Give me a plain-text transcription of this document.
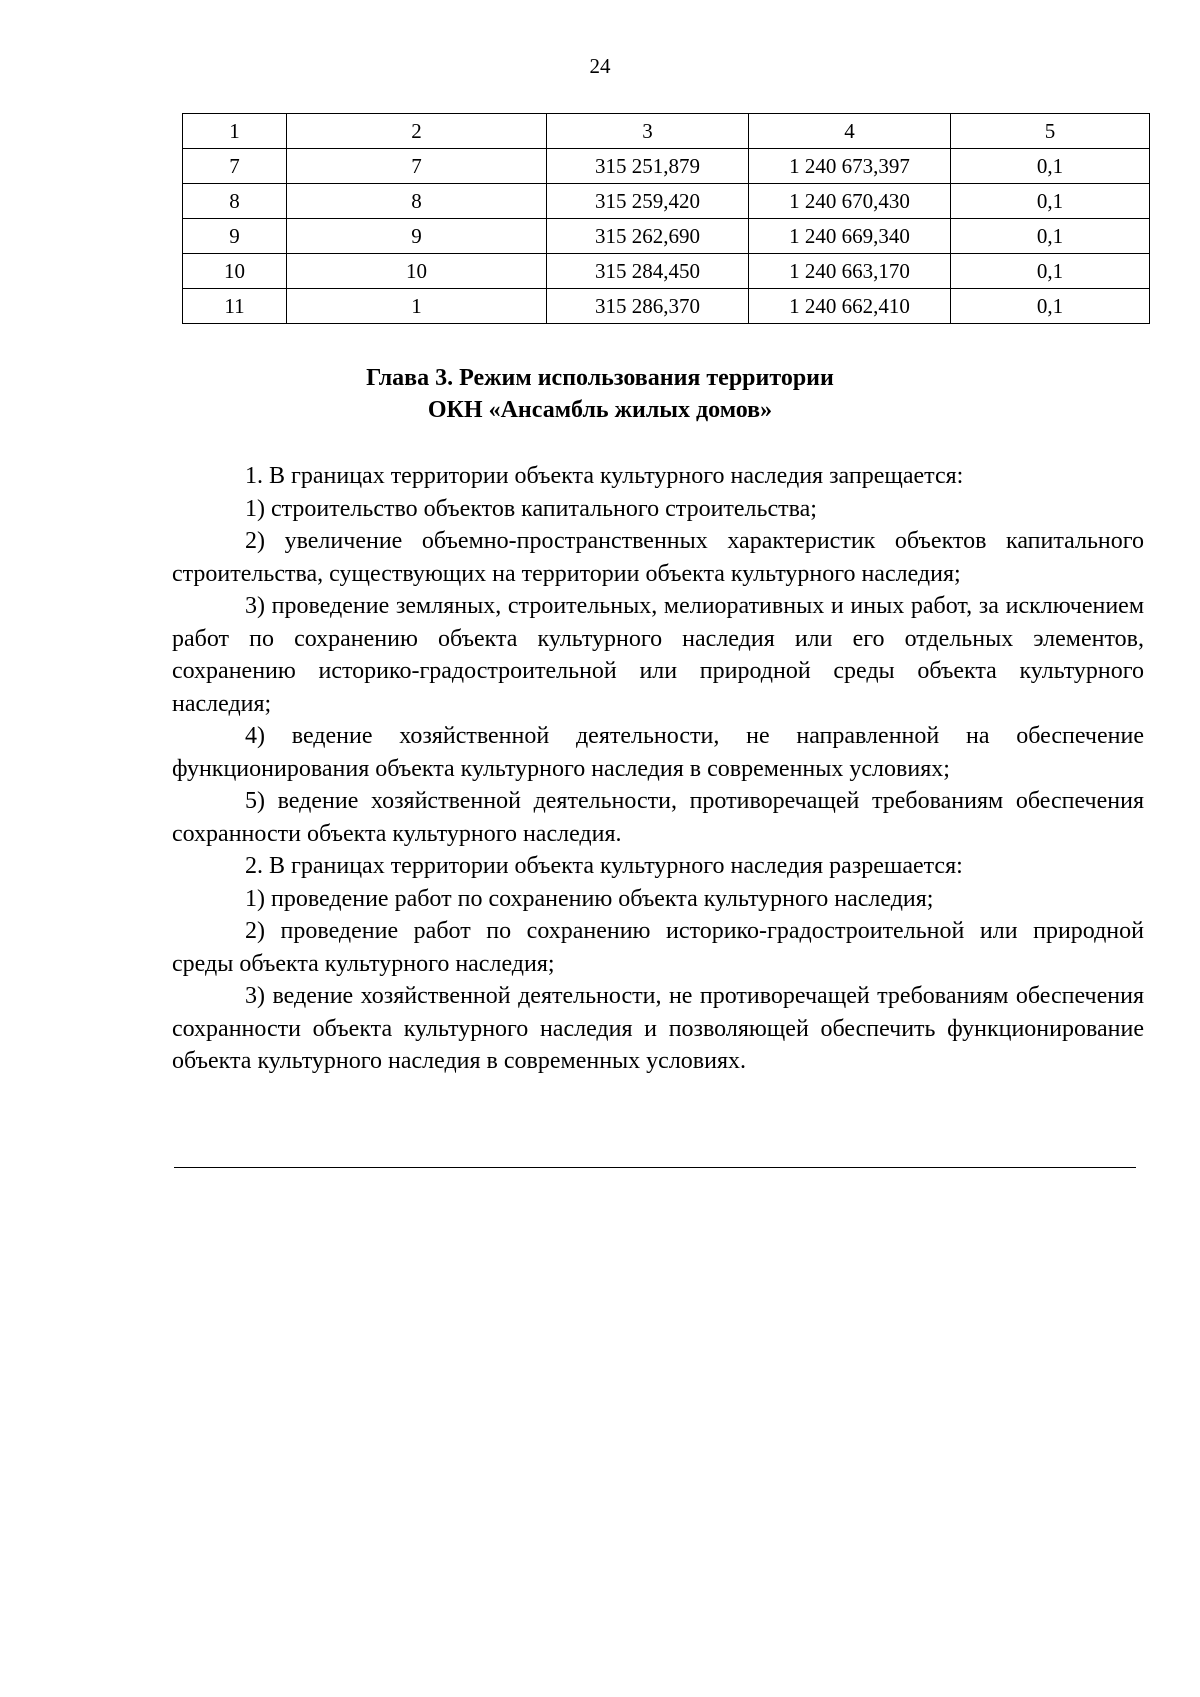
24
1	2	3	4	5
7	7	315 251,879	1 240 673,397	0,1
8	8	315 259,420	1 240 670,430	0,1
9	9	315 262,690	1 240 669,340	0,1
10	10	315 284,450	1 240 663,170	0,1
11	1	315 286,370	1 240 662,410	0,1
Глава 3. Режим использования территории
ОКН «Ансамбль жилых домов»

1. В границах территории объекта культурного наследия запрещается:

1) строительство объектов капитального строительства;

2) увеличение объемно-пространственных характеристик объектов капитального строительства, существующих на территории объекта культурного наследия;

3) проведение земляных, строительных, мелиоративных и иных работ, за исключением работ по сохранению объекта культурного наследия или его отдельных элементов, сохранению историко-градостроительной или природной среды объекта культурного наследия;

4) ведение хозяйственной деятельности, не направленной на обеспечение функционирования объекта культурного наследия в современных условиях;

5) ведение хозяйственной деятельности, противоречащей требованиям обеспечения сохранности объекта культурного наследия.

2. В границах территории объекта культурного наследия разрешается:

1) проведение работ по сохранению объекта культурного наследия;

2) проведение работ по сохранению историко-градостроительной или природной среды объекта культурного наследия;

3) ведение хозяйственной деятельности, не противоречащей требованиям обеспечения сохранности объекта культурного наследия и позволяющей обеспечить функционирование объекта культурного наследия в современных условиях.
